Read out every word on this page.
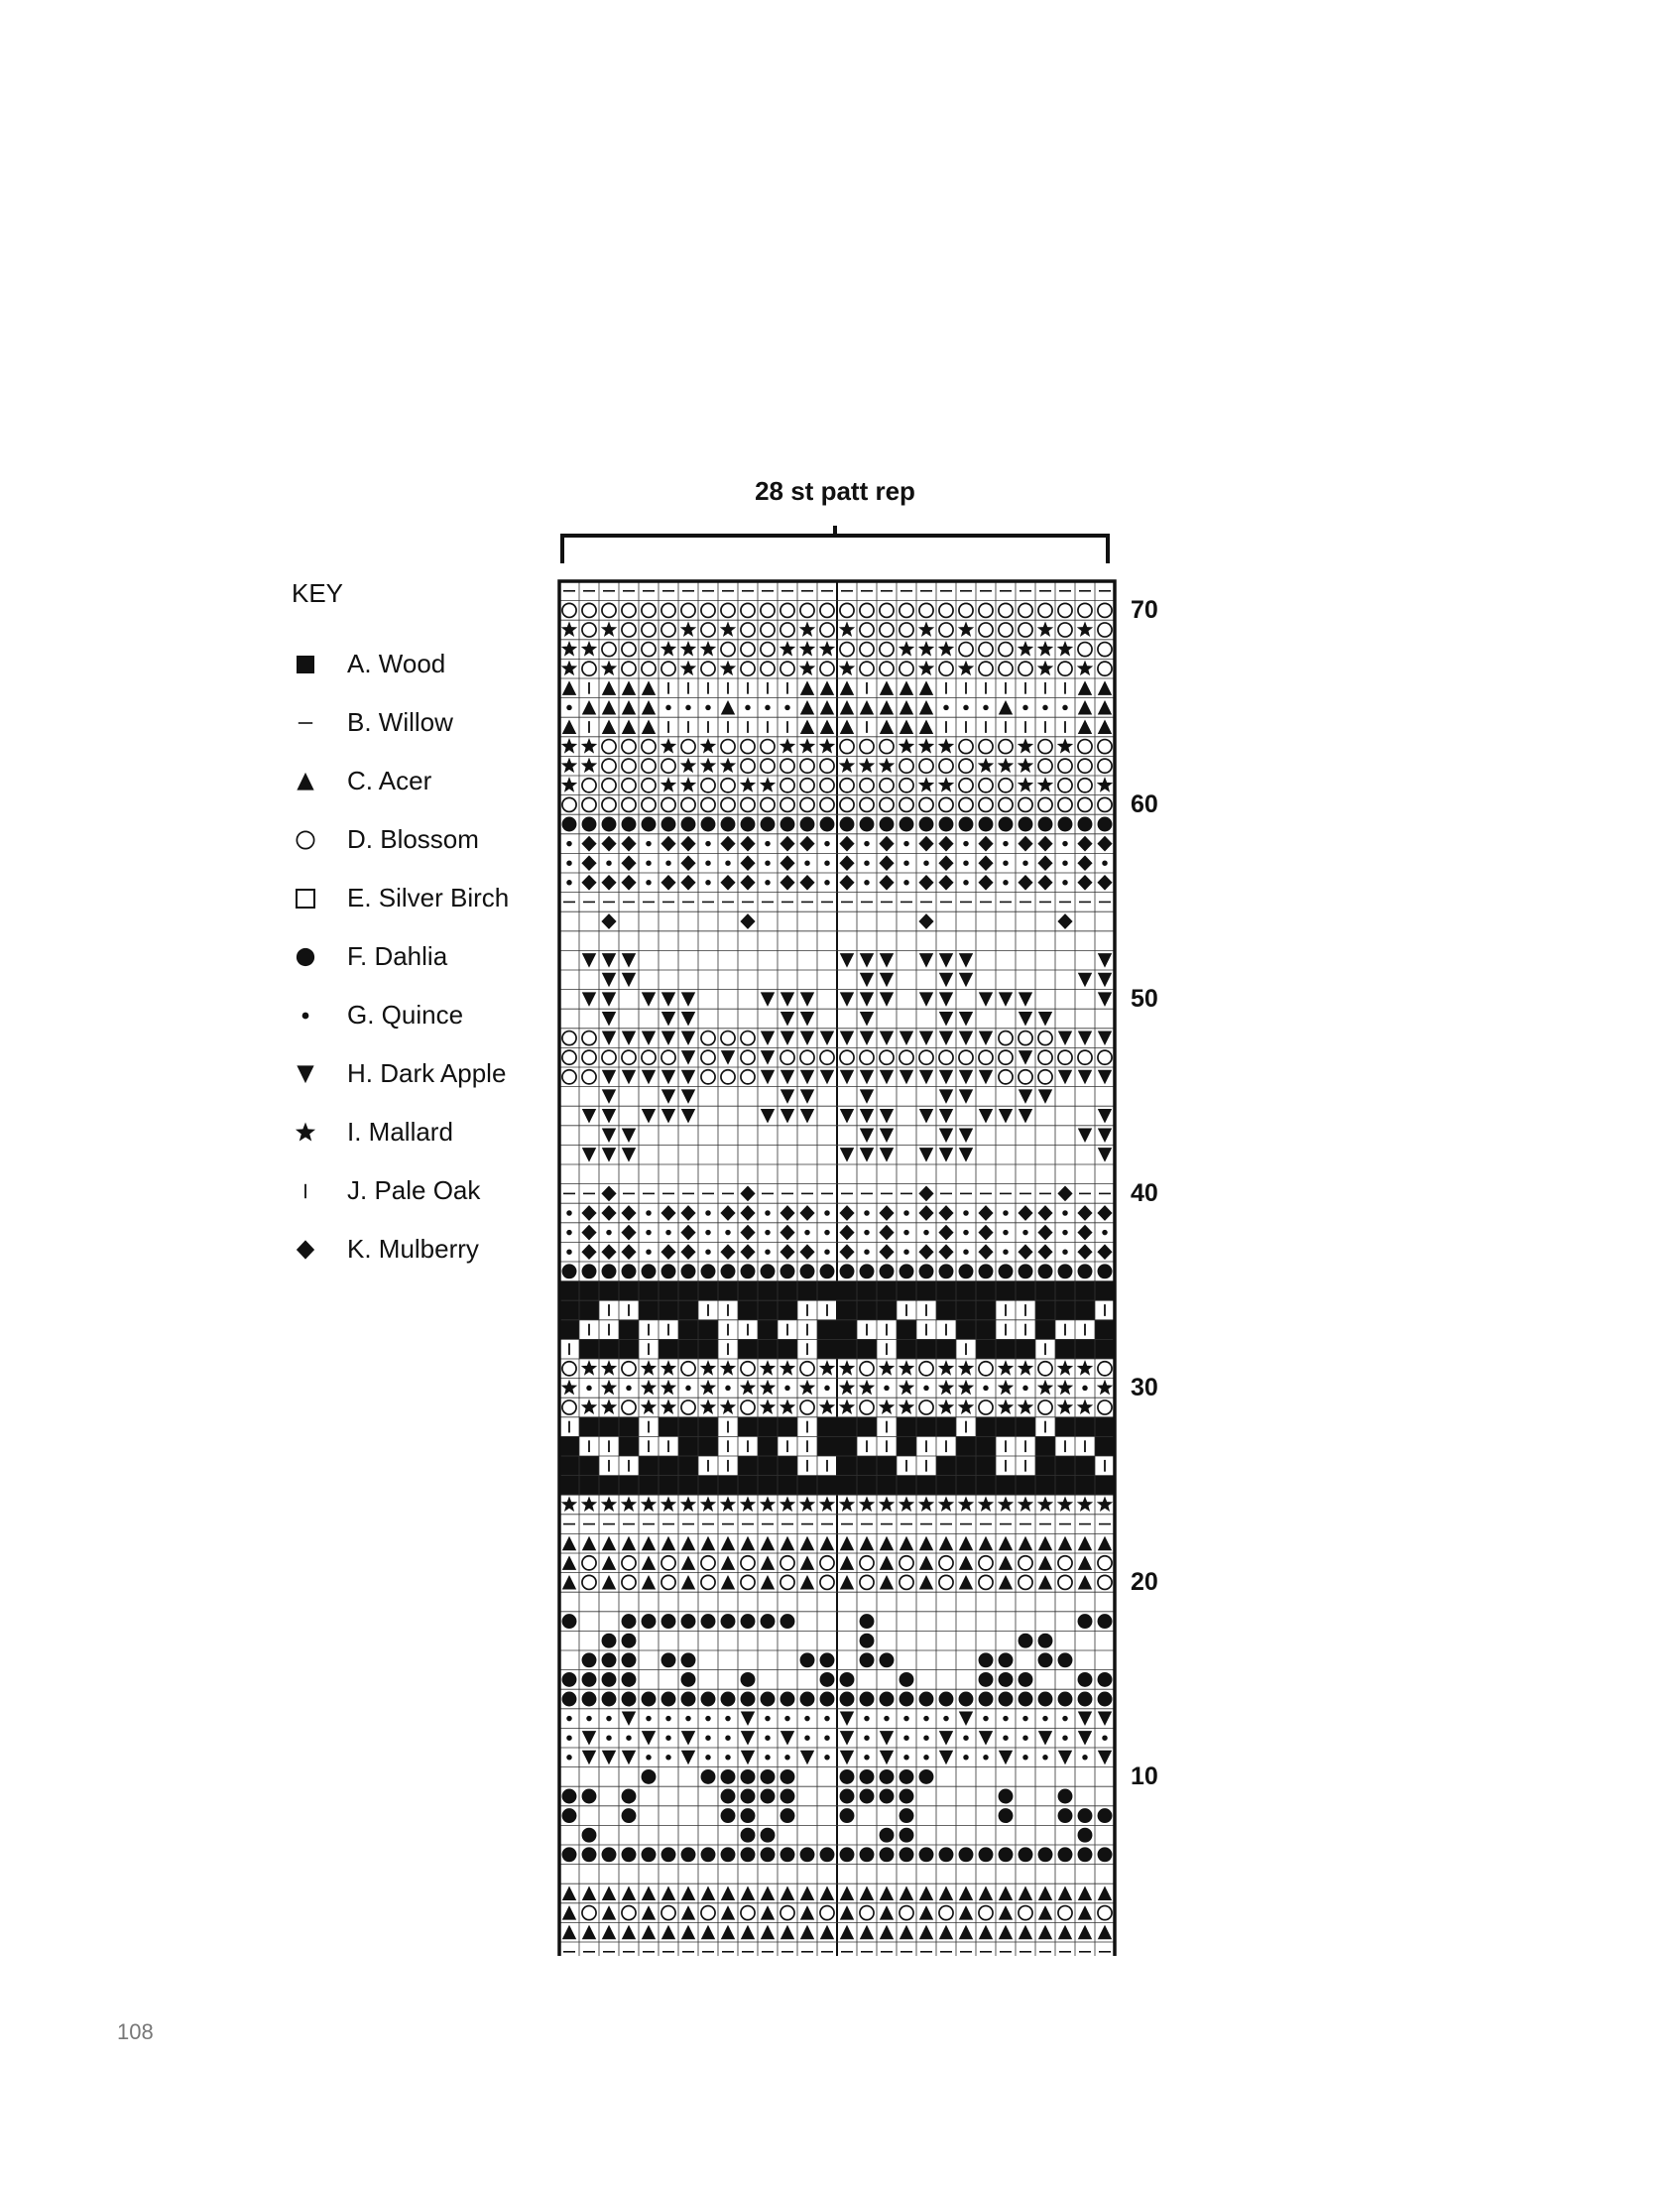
28 st patt rep
KEY
A. Wood
B. Willow
C. Acer
D. Blossom
E. Silver Birch
F. Dahlia
G. Quince
H. Dark Apple
I. Mallard
J. Pale Oak
K. Mulberry
70
60
50
40
30
20
10
108
